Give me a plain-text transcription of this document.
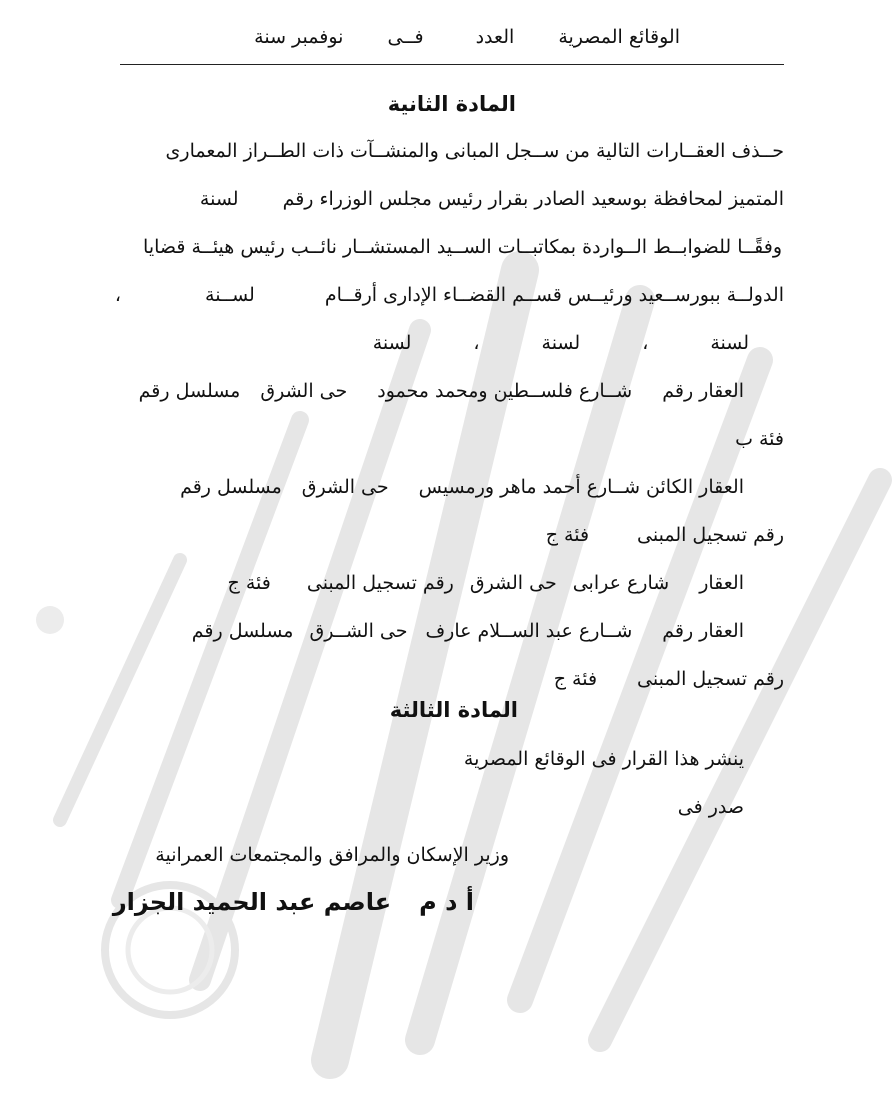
الوقائع المصرية العدد فــى نوفمبر سنة
المادة الثانية
حــذف العقــارات التالية من ســجل المبانى والمنشــآت ذات الطــراز المعمارى
المتميز لمحافظة بوسعيد الصادر بقرار رئيس مجلس الوزراء رقملسنة
وفقًــا للضوابــط الــواردة بمكاتبــات الســيد المستشــار نائــب رئيس هيئــة قضايا
الدولــة ببورســعيد ورئيــس قســم القضــاء الإدارى أرقــاملســنة،
لسنة،لسنة،لسنة
العقار رقمشــارع فلســطين ومحمد محمودحى الشرقمسلسل رقم
فئة ب
العقار الكائن شــارع أحمد ماهر ورمسيسحى الشرقمسلسل رقم
رقم تسجيل المبنىفئة ج
العقارشارع عرابىحى الشرقرقم تسجيل المبنىفئة ج
العقار رقمشــارع عبد الســلام عارفحى الشــرقمسلسل رقم
رقم تسجيل المبنىفئة ج
المادة الثالثة
ينشر هذا القرار فى الوقائع المصرية
صدر فى
وزير الإسكان والمرافق والمجتمعات العمرانية
أ د معاصم عبد الحميد الجزار
